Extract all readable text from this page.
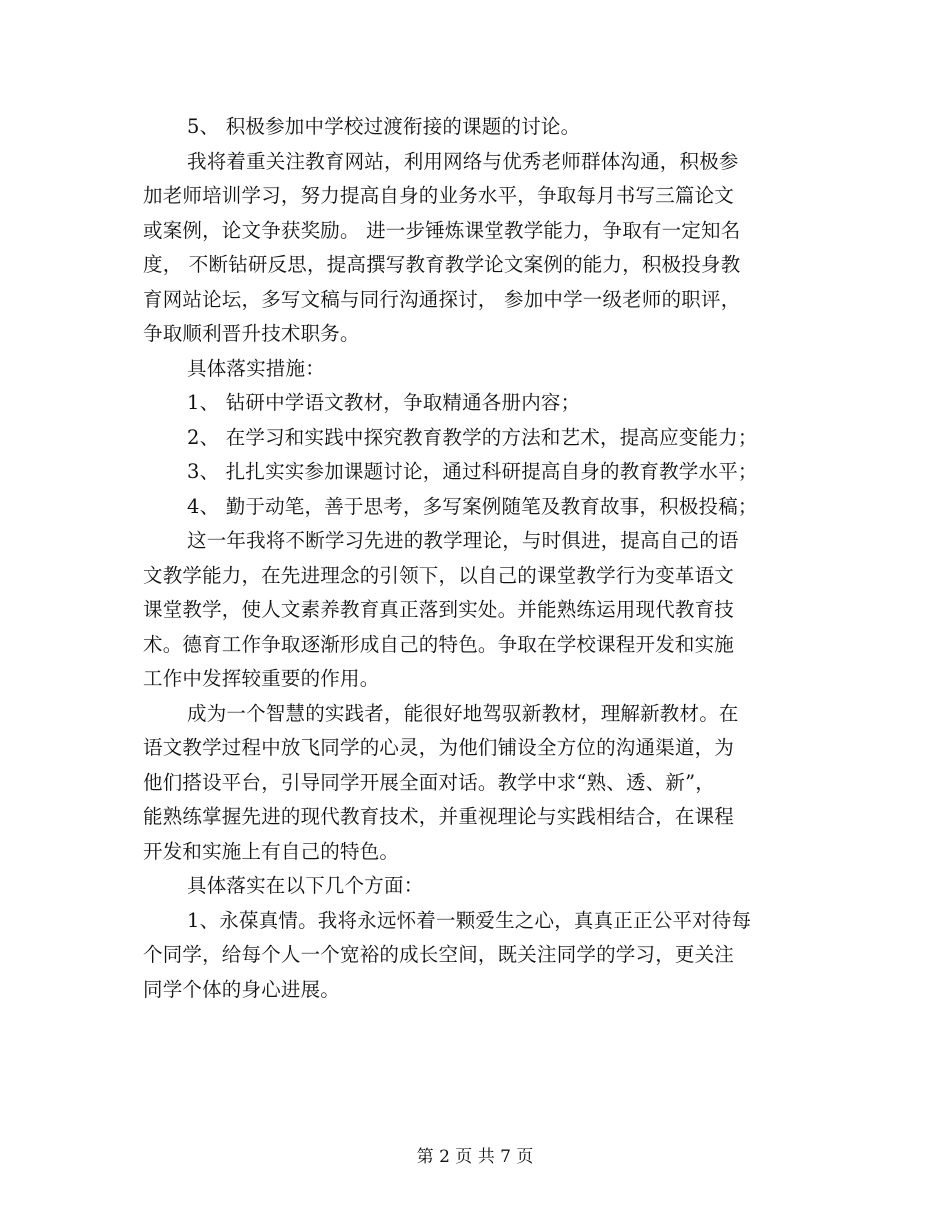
5、 积极参加中学校过渡衔接的课题的讨论。
我将着重关注教育网站，利用网络与优秀老师群体沟通，积极参
加老师培训学习，努力提高自身的业务水平，争取每月书写三篇论文
或案例，论文争获奖励。 进一步锤炼课堂教学能力，争取有一定知名
度， 不断钻研反思，提高撰写教育教学论文案例的能力，积极投身教
育网站论坛，多写文稿与同行沟通探讨， 参加中学一级老师的职评，
争取顺利晋升技术职务。
具体落实措施：
1、 钻研中学语文教材，争取精通各册内容；
2、 在学习和实践中探究教育教学的方法和艺术，提高应变能力；
3、 扎扎实实参加课题讨论，通过科研提高自身的教育教学水平；
4、 勤于动笔，善于思考，多写案例随笔及教育故事，积极投稿；
这一年我将不断学习先进的教学理论，与时俱进，提高自己的语
文教学能力，在先进理念的引领下，以自己的课堂教学行为变革语文
课堂教学，使人文素养教育真正落到实处。并能熟练运用现代教育技
术。德育工作争取逐渐形成自己的特色。争取在学校课程开发和实施
工作中发挥较重要的作用。
成为一个智慧的实践者，能很好地驾驭新教材，理解新教材。在
语文教学过程中放飞同学的心灵，为他们铺设全方位的沟通渠道，为
他们搭设平台，引导同学开展全面对话。教学中求“熟、透、新”，
能熟练掌握先进的现代教育技术，并重视理论与实践相结合，在课程
开发和实施上有自己的特色。
具体落实在以下几个方面：
1、永葆真情。我将永远怀着一颗爱生之心，真真正正公平对待每
个同学，给每个人一个宽裕的成长空间，既关注同学的学习，更关注
同学个体的身心进展。
第 2 页 共 7 页
